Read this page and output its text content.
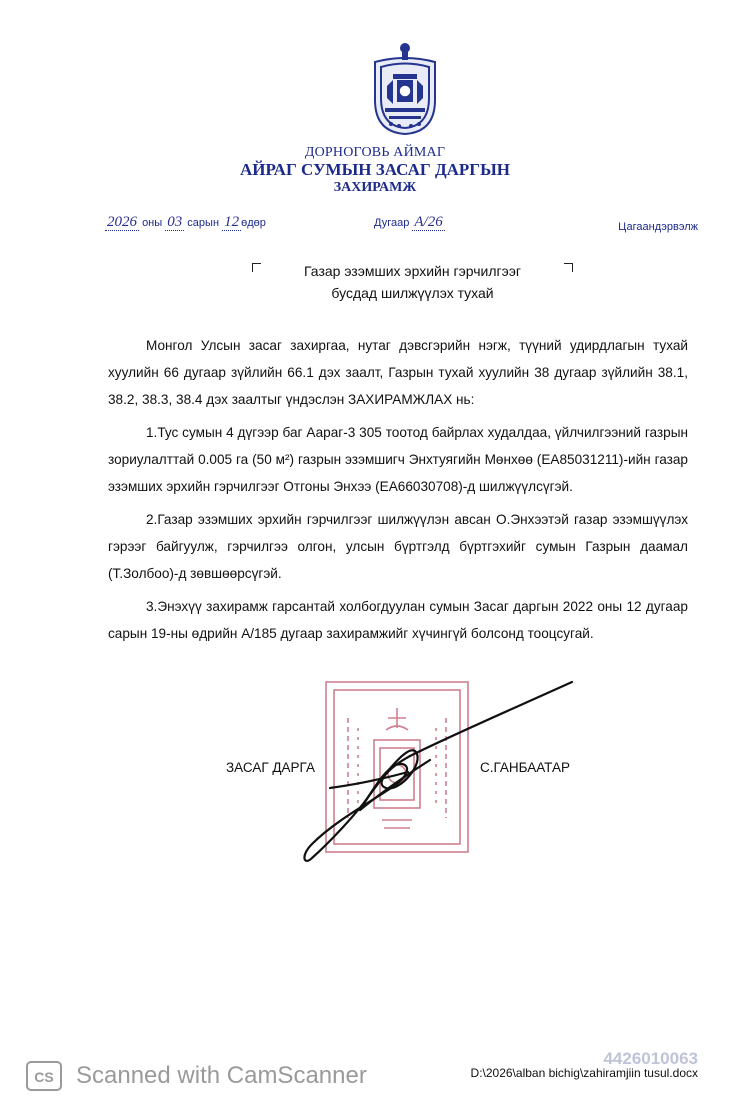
ДОРНОГОВЬ АЙМАГ
АЙРАГ СУМЫН ЗАСАГ ДАРГЫН
ЗАХИРАМЖ
2026 оны 03 сарын 12 өдөр	Дугаар A/26	Цагаандэрвэлж
Газар эзэмших эрхийн гэрчилгээг
бусдад шилжүүлэх тухай

Монгол Улсын засаг захиргаа, нутаг дэвсгэрийн нэгж, түүний удирдлагын тухай хуулийн 66 дугаар зүйлийн 66.1 дэх заалт, Газрын тухай хуулийн 38 дугаар зүйлийн 38.1, 38.2, 38.3, 38.4 дэх заалтыг үндэслэн ЗАХИРАМЖЛАХ нь:

1.Тус сумын 4 дүгээр баг Аараг-3 305 тоотод байрлах худалдаа, үйлчилгээний газрын зориулалттай 0.005 га (50 м²) газрын эзэмшигч Энхтуягийн Мөнхөө (ЕА85031211)-ийн газар эзэмших эрхийн гэрчилгээг Отгоны Энхээ (ЕА66030708)-д шилжүүлсүгэй.

2.Газар эзэмших эрхийн гэрчилгээг шилжүүлэн авсан О.Энхээтэй газар эзэмшүүлэх гэрээг байгуулж, гэрчилгээ олгон, улсын бүртгэлд бүртгэхийг сумын Газрын даамал (Т.Золбоо)-д зөвшөөрсүгэй.

3.Энэхүү захирамж гарсантай холбогдуулан сумын Засаг даргын 2022 оны 12 дугаар сарын 19-ны өдрийн А/185 дугаар захирамжийг хүчингүй болсонд тооцсугай.

ЗАСАГ ДАРГА	С.ГАНБААТАР
CS Scanned with CamScanner
4426010063
D:\2026\alban bichig\zahiramjiin tusul.docx
